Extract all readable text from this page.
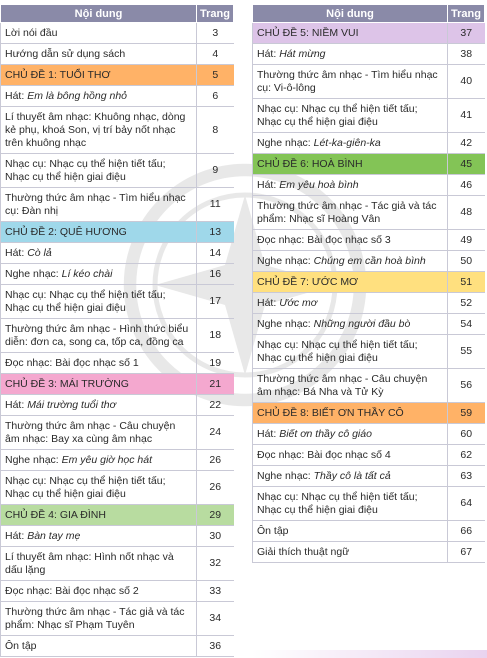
Nội dung	Trang
Lời nói đầu	3
Hướng dẫn sử dụng sách	4
CHỦ ĐỀ 1: TUỔI THƠ	5
Hát: Em là bông hồng nhỏ	6
Lí thuyết âm nhạc: Khuông nhạc, dòng kẻ phụ, khoá Son, vị trí bảy nốt nhạc trên khuông nhạc	8
Nhạc cụ: Nhạc cụ thể hiện tiết tấu; Nhạc cụ thể hiện giai điệu	9
Thường thức âm nhạc - Tìm hiểu nhạc cụ: Đàn nhị	11
CHỦ ĐỀ 2: QUÊ HƯƠNG	13
Hát: Cò lả	14
Nghe nhạc: Lí kéo chài	16
Nhạc cụ: Nhạc cụ thể hiện tiết tấu; Nhạc cụ thể hiện giai điệu	17
Thường thức âm nhạc - Hình thức biểu diễn: đơn ca, song ca, tốp ca, đồng ca	18
Đọc nhạc: Bài đọc nhạc số 1	19
CHỦ ĐỀ 3: MÁI TRƯỜNG	21
Hát: Mái trường tuổi thơ	22
Thường thức âm nhạc - Câu chuyện âm nhạc: Bay xa cùng âm nhạc	24
Nghe nhạc: Em yêu giờ học hát	26
Nhạc cụ: Nhạc cụ thể hiện tiết tấu; Nhạc cụ thể hiện giai điệu	26
CHỦ ĐỀ 4: GIA ĐÌNH	29
Hát: Bàn tay mẹ	30
Lí thuyết âm nhạc: Hình nốt nhạc và dấu lặng	32
Đọc nhạc: Bài đọc nhạc số 2	33
Thường thức âm nhạc - Tác giả và tác phẩm: Nhạc sĩ Phạm Tuyên	34
Ôn tập	36
Nội dung	Trang
CHỦ ĐỀ 5: NIỀM VUI	37
Hát: Hát mừng	38
Thường thức âm nhạc - Tìm hiểu nhạc cụ: Vi-ô-lông	40
Nhạc cụ: Nhạc cụ thể hiện tiết tấu; Nhạc cụ thể hiện giai điệu	41
Nghe nhạc: Lét-ka-giên-ka	42
CHỦ ĐỀ 6: HOÀ BÌNH	45
Hát: Em yêu hoà bình	46
Thường thức âm nhạc - Tác giả và tác phẩm: Nhạc sĩ Hoàng Vân	48
Đọc nhạc: Bài đọc nhạc số 3	49
Nghe nhạc: Chúng em cần hoà bình	50
CHỦ ĐỀ 7: ƯỚC MƠ	51
Hát: Ước mơ	52
Nghe nhạc: Những người đầu bò	54
Nhạc cụ: Nhạc cụ thể hiện tiết tấu; Nhạc cụ thể hiện giai điệu	55
Thường thức âm nhạc - Câu chuyện âm nhạc: Bá Nha và Tử Kỳ	56
CHỦ ĐỀ 8: BIẾT ƠN THẦY CÔ	59
Hát: Biết ơn thầy cô giáo	60
Đọc nhạc: Bài đọc nhạc số 4	62
Nghe nhạc: Thầy cô là tất cả	63
Nhạc cụ: Nhạc cụ thể hiện tiết tấu; Nhạc cụ thể hiện giai điệu	64
Ôn tập	66
Giải thích thuật ngữ	67
